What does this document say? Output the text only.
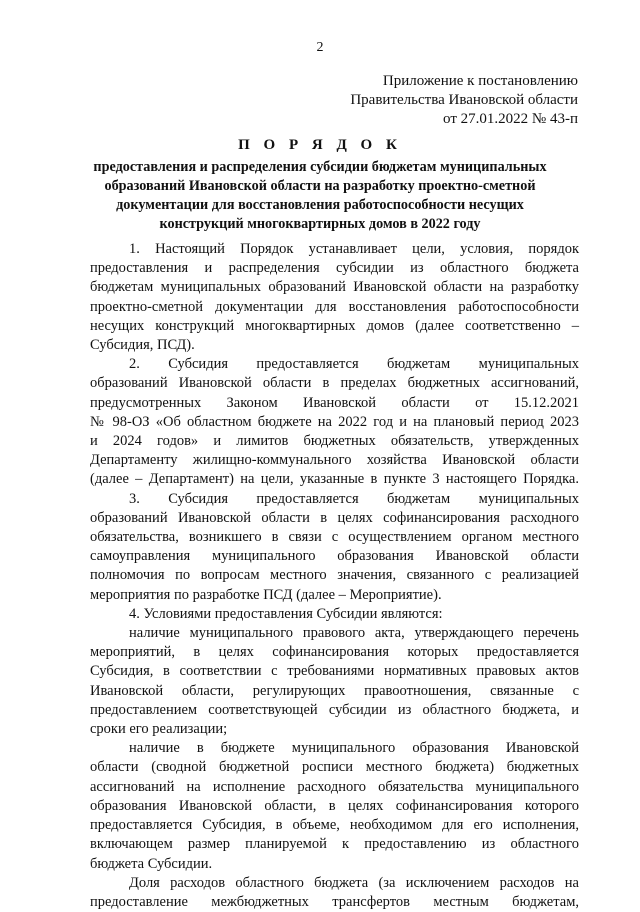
2
Приложение к постановлению
Правительства Ивановской области
от 27.01.2022 № 43-п
П О Р Я Д О К
предоставления и распределения субсидии бюджетам муниципальных
образований Ивановской области на разработку проектно-сметной
документации для восстановления работоспособности несущих
конструкций многоквартирных домов в 2022 году
1. Настоящий Порядок устанавливает цели, условия, порядок
предоставления и распределения субсидии из областного бюджета
бюджетам муниципальных образований Ивановской области на разработку
проектно-сметной документации для восстановления работоспособности
несущих конструкций многоквартирных домов (далее соответственно –
Субсидия, ПСД).
2. Субсидия предоставляется бюджетам муниципальных
образований Ивановской области в пределах бюджетных ассигнований,
предусмотренных Законом Ивановской области от 15.12.2021
№ 98-ОЗ «Об областном бюджете на 2022 год и на плановый период 2023
и 2024 годов» и лимитов бюджетных обязательств, утвержденных
Департаменту жилищно-коммунального хозяйства Ивановской области
(далее – Департамент) на цели, указанные в пункте 3 настоящего Порядка.
3. Субсидия предоставляется бюджетам муниципальных
образований Ивановской области в целях софинансирования расходного
обязательства, возникшего в связи с осуществлением органом местного
самоуправления муниципального образования Ивановской области
полномочия по вопросам местного значения, связанного с реализацией
мероприятия по разработке ПСД (далее – Мероприятие).
4. Условиями предоставления Субсидии являются:
наличие муниципального правового акта, утверждающего перечень
мероприятий, в целях софинансирования которых предоставляется
Субсидия, в соответствии с требованиями нормативных правовых актов
Ивановской области, регулирующих правоотношения, связанные с
предоставлением соответствующей субсидии из областного бюджета, и
сроки его реализации;
наличие в бюджете муниципального образования Ивановской
области (сводной бюджетной росписи местного бюджета) бюджетных
ассигнований на исполнение расходного обязательства муниципального
образования Ивановской области, в целях софинансирования которого
предоставляется Субсидия, в объеме, необходимом для его исполнения,
включающем размер планируемой к предоставлению из областного
бюджета Субсидии.
Доля расходов областного бюджета (за исключением расходов на
предоставление межбюджетных трансфертов местным бюджетам,
